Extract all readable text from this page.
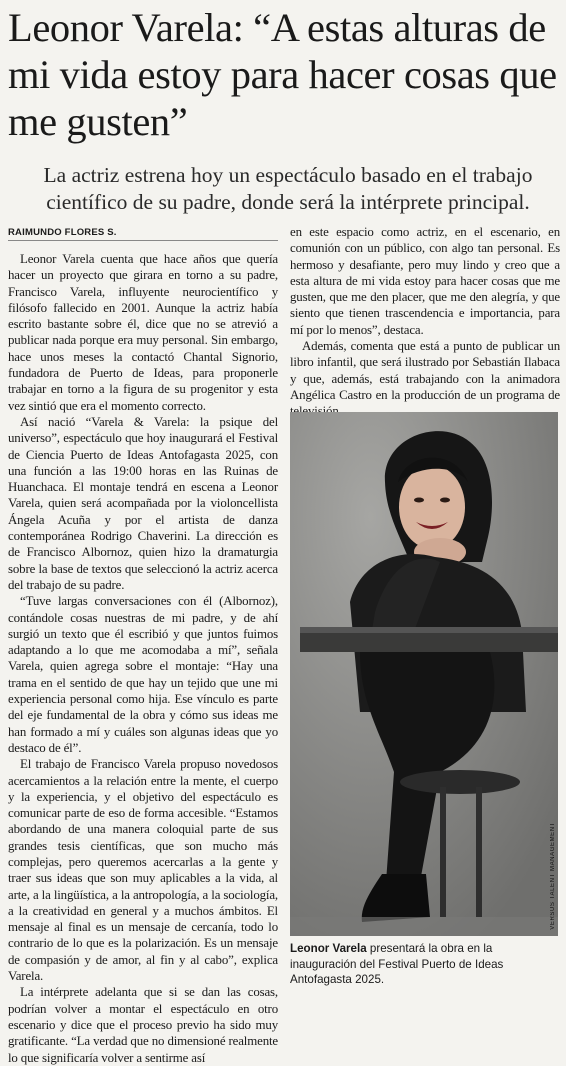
Leonor Varela: “A estas alturas de mi vida estoy para hacer cosas que me gusten”
La actriz estrena hoy un espectáculo basado en el trabajo científico de su padre, donde será la intérprete principal.
RAIMUNDO FLORES S.

Leonor Varela cuenta que hace años que quería hacer un proyecto que girara en torno a su padre, Francisco Varela, influyente neurocientífico y filósofo fallecido en 2001. Aunque la actriz había escrito bastante sobre él, dice que no se atrevió a publicar nada porque era muy personal. Sin embargo, hace unos meses la contactó Chantal Signorio, fundadora de Puerto de Ideas, para proponerle trabajar en torno a la figura de su progenitor y esta vez sintió que era el momento correcto.

Así nació “Varela & Varela: la psique del universo”, espectáculo que hoy inaugurará el Festival de Ciencia Puerto de Ideas Antofagasta 2025, con una función a las 19:00 horas en las Ruinas de Huanchaca. El montaje tendrá en escena a Leonor Varela, quien será acompañada por la violoncellista Ángela Acuña y por el artista de danza contemporánea Rodrigo Chaverini. La dirección es de Francisco Albornoz, quien hizo la dramaturgia sobre la base de textos que seleccionó la actriz acerca del trabajo de su padre.

“Tuve largas conversaciones con él (Albornoz), contándole cosas nuestras de mi padre, y de ahí surgió un texto que él escribió y que juntos fuimos adaptando a lo que me acomodaba a mí”, señala Varela, quien agrega sobre el montaje: “Hay una trama en el sentido de que hay un tejido que une mi experiencia personal como hija. Ese vínculo es parte del eje fundamental de la obra y cómo sus ideas me han formado a mí y cuáles son algunas ideas que yo destaco de él”.

El trabajo de Francisco Varela propuso novedosos acercamientos a la relación entre la mente, el cuerpo y la experiencia, y el objetivo del espectáculo es comunicar parte de eso de forma accesible. “Estamos abordando de una manera coloquial parte de sus grandes tesis científicas, que son mucho más complejas, pero queremos acercarlas a la gente y traer sus ideas que son muy aplicables a la vida, al arte, a la lingüística, a la antropología, a la sociología, a la creatividad en general y a muchos ámbitos. El mensaje al final es un mensaje de cercanía, todo lo contrario de lo que es la polarización. Es un mensaje de compasión y de amor, al fin y al cabo”, explica Varela.

La intérprete adelanta que si se dan las cosas, podrían volver a montar el espectáculo en otro escenario y dice que el proceso previo ha sido muy gratificante. “La verdad que no dimensioné realmente lo que significaría volver a sentirme así

en este espacio como actriz, en el escenario, en comunión con un público, con algo tan personal. Es hermoso y desafiante, pero muy lindo y creo que a esta altura de mi vida estoy para hacer cosas que me gusten, que me den placer, que me den alegría, y que siento que tienen trascendencia e importancia, para mí por lo menos”, destaca.

Además, comenta que está a punto de publicar un libro infantil, que será ilustrado por Sebastián Ilabaca y que, además, está trabajando con la animadora Angélica Castro en la producción de un programa de

VERSUS TALENT MANAGEMENT
Leonor Varela presentará la obra en la inauguración del Festival Puerto de Ideas Antofagasta 2025.
